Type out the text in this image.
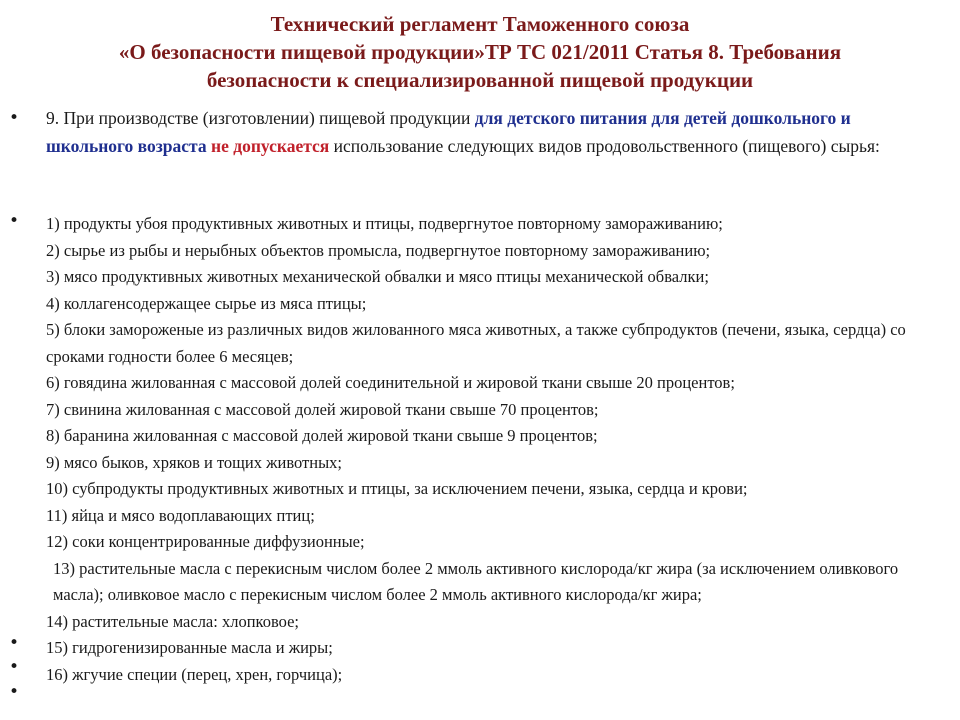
Технический регламент Таможенного союза
«О безопасности пищевой продукции»ТР ТС 021/2011 Статья 8. Требования
безопасности к специализированной пищевой продукции
• 9. При производстве (изготовлении) пищевой продукции для детского питания для детей дошкольного и школьного возраста не допускается использование следующих видов продовольственного (пищевого) сырья:

•
•
•
•
1) продукты убоя продуктивных животных и птицы, подвергнутое повторному замораживанию;
2) сырье из рыбы и нерыбных объектов промысла, подвергнутое повторному замораживанию;
3) мясо продуктивных животных механической обвалки и мясо птицы механической обвалки;
4) коллагенсодержащее сырье из мяса птицы;
5) блоки замороженые из различных видов жилованного мяса животных, а также субпродуктов (печени, языка, сердца) со сроками годности более 6 месяцев;
6) говядина жилованная с массовой долей соединительной и жировой ткани свыше 20 процентов;
7) свинина жилованная с массовой долей жировой ткани свыше 70 процентов;
8) баранина жилованная с массовой долей жировой ткани свыше 9 процентов;
9) мясо быков, хряков и тощих животных;
10) субпродукты продуктивных животных и птицы, за исключением печени, языка, сердца и крови;
11) яйца и мясо водоплавающих птиц;
12) соки концентрированные диффузионные;
13) растительные масла с перекисным числом более 2 ммоль активного кислорода/кг жира (за исключением оливкового масла); оливковое масло с перекисным числом более 2 ммоль активного кислорода/кг жира;
14) растительные масла: хлопковое;
15) гидрогенизированные масла и жиры;
16) жгучие специи (перец, хрен, горчица);
